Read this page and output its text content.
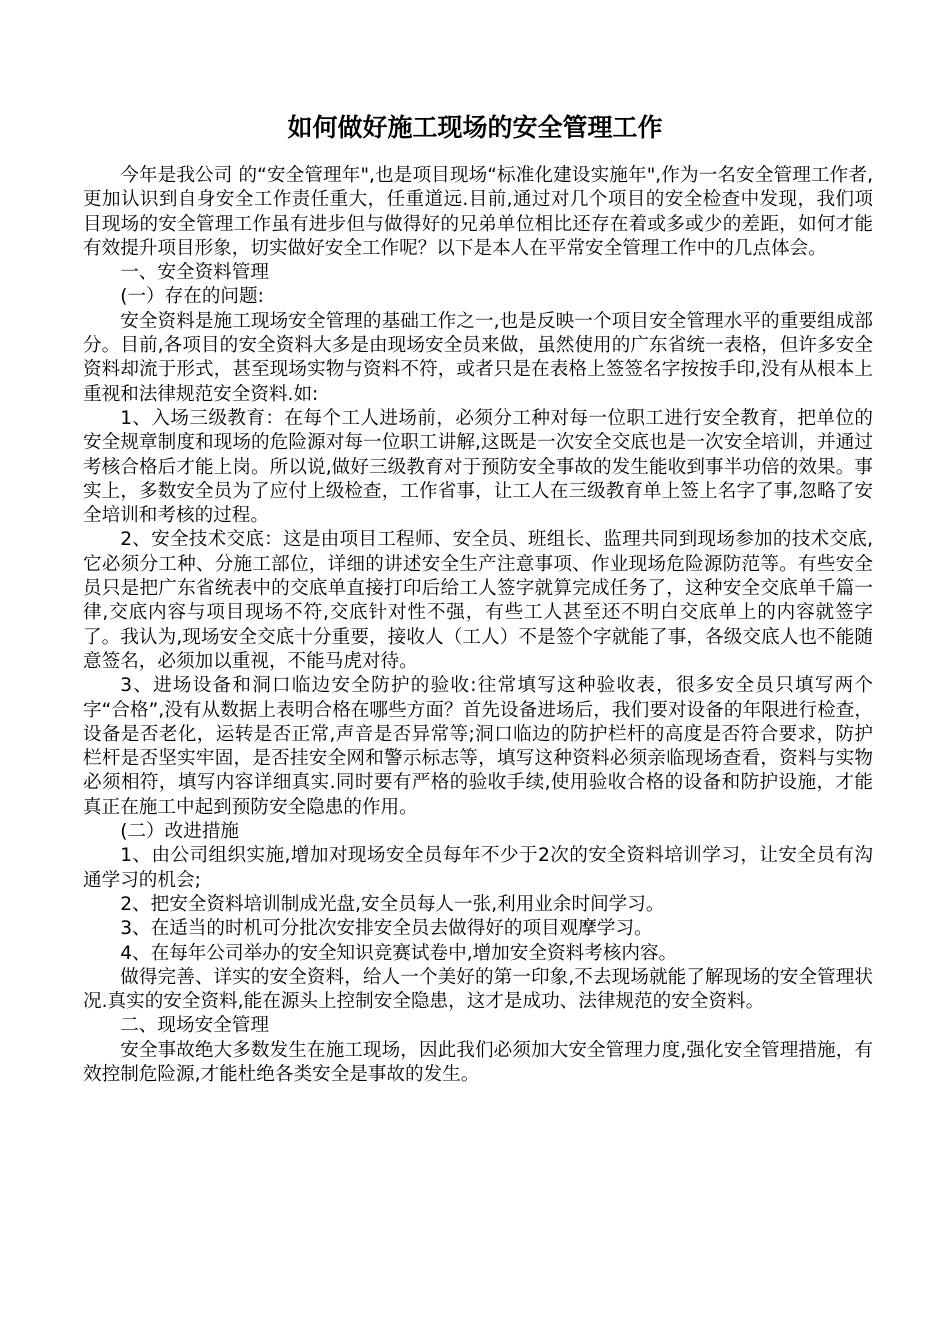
如何做好施工现场的安全管理工作

今年是我公司 的“安全管理年",也是项目现场“标准化建设实施年",作为一名安全管理工作者,更加认识到自身安全工作责任重大，任重道远.目前,通过对几个项目的安全检查中发现，我们项目现场的安全管理工作虽有进步但与做得好的兄弟单位相比还存在着或多或少的差距，如何才能有效提升项目形象，切实做好安全工作呢？以下是本人在平常安全管理工作中的几点体会。

一、安全资料管理

(一）存在的问题:

安全资料是施工现场安全管理的基础工作之一,也是反映一个项目安全管理水平的重要组成部分。目前,各项目的安全资料大多是由现场安全员来做，虽然使用的广东省统一表格，但许多安全资料却流于形式，甚至现场实物与资料不符，或者只是在表格上签签名字按按手印,没有从根本上重视和法律规范安全资料.如:

1、入场三级教育：在每个工人进场前，必须分工种对每一位职工进行安全教育，把单位的安全规章制度和现场的危险源对每一位职工讲解,这既是一次安全交底也是一次安全培训，并通过考核合格后才能上岗。所以说,做好三级教育对于预防安全事故的发生能收到事半功倍的效果。事实上，多数安全员为了应付上级检查，工作省事，让工人在三级教育单上签上名字了事,忽略了安全培训和考核的过程。

2、安全技术交底：这是由项目工程师、安全员、班组长、监理共同到现场参加的技术交底,它必须分工种、分施工部位，详细的讲述安全生产注意事项、作业现场危险源防范等。有些安全员只是把广东省统表中的交底单直接打印后给工人签字就算完成任务了，这种安全交底单千篇一律,交底内容与项目现场不符,交底针对性不强，有些工人甚至还不明白交底单上的内容就签字了。我认为,现场安全交底十分重要，接收人（工人）不是签个字就能了事，各级交底人也不能随意签名，必须加以重视，不能马虎对待。

3、进场设备和洞口临边安全防护的验收:往常填写这种验收表，很多安全员只填写两个字“合格”,没有从数据上表明合格在哪些方面？首先设备进场后，我们要对设备的年限进行检查，设备是否老化，运转是否正常,声音是否异常等;洞口临边的防护栏杆的高度是否符合要求，防护栏杆是否坚实牢固，是否挂安全网和警示标志等，填写这种资料必须亲临现场查看，资料与实物必须相符，填写内容详细真实.同时要有严格的验收手续,使用验收合格的设备和防护设施，才能真正在施工中起到预防安全隐患的作用。

(二）改进措施

1、由公司组织实施,增加对现场安全员每年不少于2次的安全资料培训学习，让安全员有沟通学习的机会;

2、把安全资料培训制成光盘,安全员每人一张,利用业余时间学习。

3、在适当的时机可分批次安排安全员去做得好的项目观摩学习。

4、在每年公司举办的安全知识竞赛试卷中,增加安全资料考核内容。

做得完善、详实的安全资料，给人一个美好的第一印象,不去现场就能了解现场的安全管理状况.真实的安全资料,能在源头上控制安全隐患，这才是成功、法律规范的安全资料。

二、现场安全管理

安全事故绝大多数发生在施工现场，因此我们必须加大安全管理力度,强化安全管理措施，有效控制危险源,才能杜绝各类安全是事故的发生。
